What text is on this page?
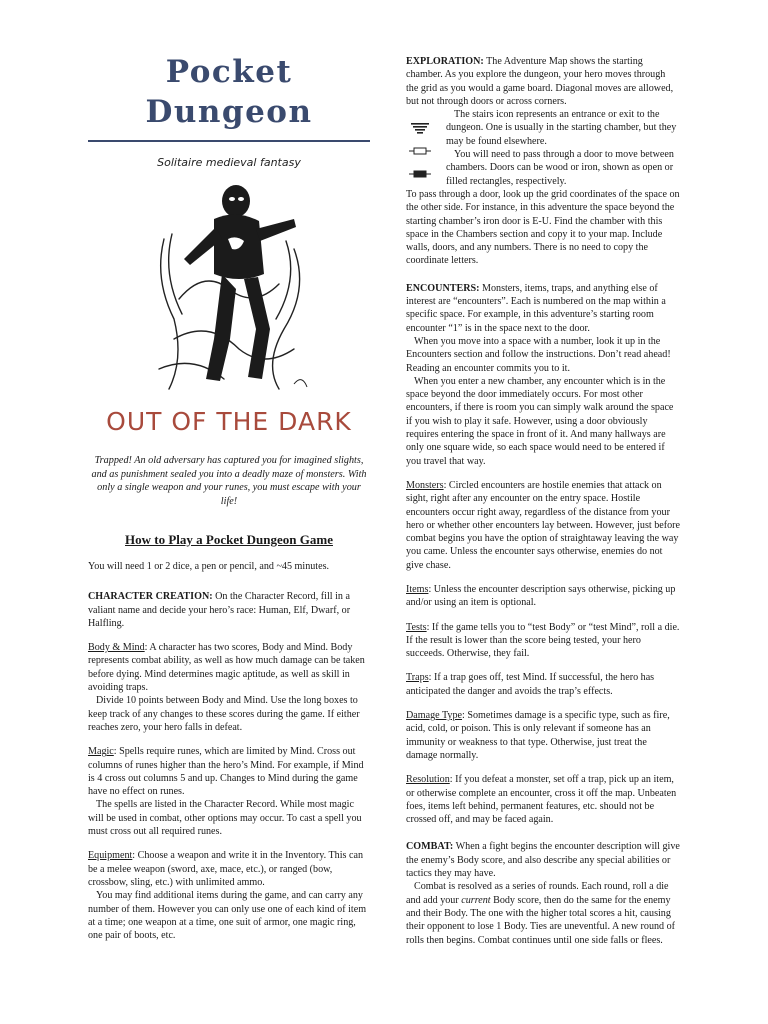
Pocket
Dungeon
Solitaire medieval fantasy
OUT OF THE DARK

Trapped! An old adversary has captured you for imagined slights, and as punishment sealed you into a deadly maze of monsters. With only a single weapon and your runes, you must escape with your life!

How to Play a Pocket Dungeon Game

You will need 1 or 2 dice, a pen or pencil, and ~45 minutes.

CHARACTER CREATION: On the Character Record, fill in a valiant name and decide your hero’s race: Human, Elf, Dwarf, or Halfling.

Body & Mind: A character has two scores, Body and Mind. Body represents combat ability, as well as how much damage can be taken before dying. Mind determines magic aptitude, as well as skill in avoiding traps.

Divide 10 points between Body and Mind. Use the long boxes to keep track of any changes to these scores during the game. If either reaches zero, your hero falls in defeat.

Magic: Spells require runes, which are limited by Mind. Cross out columns of runes higher than the hero’s Mind. For example, if Mind is 4 cross out columns 5 and up. Changes to Mind during the game have no effect on runes.

The spells are listed in the Character Record. While most magic will be used in combat, other options may occur. To cast a spell you must cross out all required runes.

Equipment: Choose a weapon and write it in the Inventory. This can be a melee weapon (sword, axe, mace, etc.), or ranged (bow, crossbow, sling, etc.) with unlimited ammo.

You may find additional items during the game, and can carry any number of them. However you can only use one of each kind of item at a time; one weapon at a time, one suit of armor, one magic ring, one pair of boots, etc.

EXPLORATION: The Adventure Map shows the starting chamber. As you explore the dungeon, your hero moves through the grid as you would a game board. Diagonal moves are allowed, but not through doors or across corners.

The stairs icon represents an entrance or exit to the dungeon. One is usually in the starting chamber, but they may be found elsewhere.

You will need to pass through a door to move between chambers. Doors can be wood or iron, shown as open or filled rectangles, respectively.

To pass through a door, look up the grid coordinates of the space on the other side. For instance, in this adventure the space beyond the starting chamber’s iron door is E-U. Find the chamber with this space in the Chambers section and copy it to your map. Include walls, doors, and any numbers. There is no need to copy the coordinate letters.

ENCOUNTERS: Monsters, items, traps, and anything else of interest are “encounters”. Each is numbered on the map within a specific space. For example, in this adventure’s starting room encounter “1” is in the space next to the door.

When you move into a space with a number, look it up in the Encounters section and follow the instructions. Don’t read ahead! Reading an encounter commits you to it.

When you enter a new chamber, any encounter which is in the space beyond the door immediately occurs. For most other encounters, if there is room you can simply walk around the space if you wish to play it safe. However, using a door obviously requires entering the space in front of it. And many hallways are only one square wide, so each space would need to be entered if you travel that way.

Monsters: Circled encounters are hostile enemies that attack on sight, right after any encounter on the entry space. Hostile encounters occur right away, regardless of the distance from your hero or whether other encounters lay between. However, just before combat begins you have the option of straightaway leaving the way you came. Unless the encounter says otherwise, enemies do not give chase.

Items: Unless the encounter description says otherwise, picking up and/or using an item is optional.

Tests: If the game tells you to “test Body” or “test Mind”, roll a die. If the result is lower than the score being tested, your hero succeeds. Otherwise, they fail.

Traps: If a trap goes off, test Mind. If successful, the hero has anticipated the danger and avoids the trap’s effects.

Damage Type: Sometimes damage is a specific type, such as fire, acid, cold, or poison. This is only relevant if someone has an immunity or weakness to that type. Otherwise, just treat the damage normally.

Resolution: If you defeat a monster, set off a trap, pick up an item, or otherwise complete an encounter, cross it off the map. Unbeaten foes, items left behind, permanent features, etc. should not be crossed off, and may be faced again.

COMBAT: When a fight begins the encounter description will give the enemy’s Body score, and also describe any special abilities or tactics they may have.

Combat is resolved as a series of rounds. Each round, roll a die and add your current Body score, then do the same for the enemy and their Body. The one with the higher total scores a hit, causing their opponent to lose 1 Body. Ties are uneventful. A new round of rolls then begins. Combat continues until one side falls or flees.
